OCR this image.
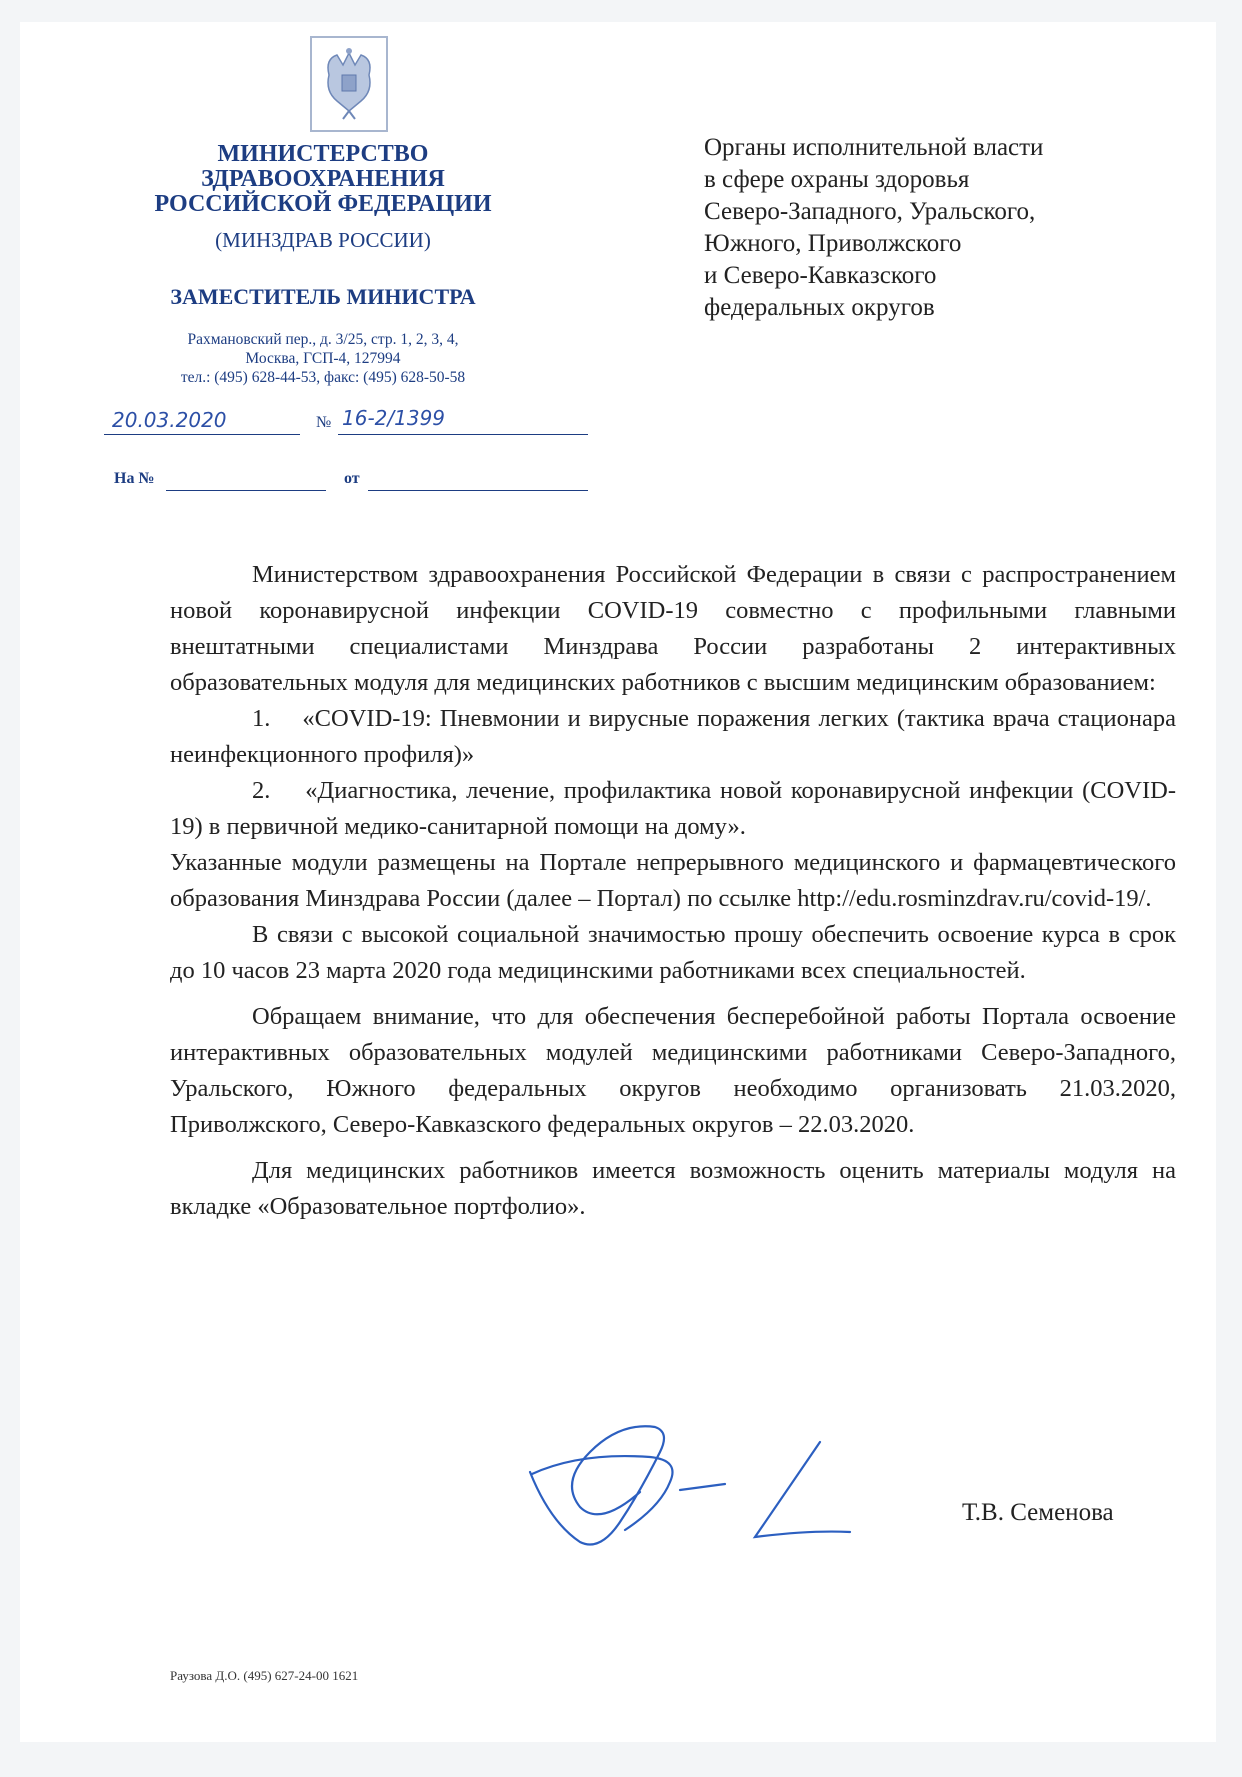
МИНИСТЕРСТВО
ЗДРАВООХРАНЕНИЯ
РОССИЙСКОЙ ФЕДЕРАЦИИ
(МИНЗДРАВ РОССИИ)
ЗАМЕСТИТЕЛЬ МИНИСТРА
Рахмановский пер., д. 3/25, стр. 1, 2, 3, 4,
Москва, ГСП-4, 127994
тел.: (495) 628-44-53, факс: (495) 628-50-58
20.03.2020	№ 16-2/1399
На №	от
Органы исполнительной власти
в сфере охраны здоровья
Северо-Западного, Уральского,
Южного, Приволжского
и Северо-Кавказского
федеральных округов

Министерством здравоохранения Российской Федерации в связи с распространением новой коронавирусной инфекции COVID-19 совместно с профильными главными внештатными специалистами Минздрава России разработаны 2 интерактивных образовательных модуля для медицинских работников с высшим медицинским образованием:

1.    «COVID-19: Пневмонии и вирусные поражения легких (тактика врача стационара неинфекционного профиля)»

2.    «Диагностика, лечение, профилактика новой коронавирусной инфекции (COVID-19) в первичной медико-санитарной помощи на дому».

Указанные модули размещены на Портале непрерывного медицинского и фармацевтического образования Минздрава России (далее – Портал) по ссылке http://edu.rosminzdrav.ru/covid-19/.

В связи с высокой социальной значимостью прошу обеспечить освоение курса в срок до 10 часов 23 марта 2020 года медицинскими работниками всех специальностей.

Обращаем внимание, что для обеспечения бесперебойной работы Портала освоение интерактивных образовательных модулей медицинскими работниками Северо-Западного, Уральского, Южного федеральных округов необходимо организовать 21.03.2020, Приволжского, Северо-Кавказского федеральных округов – 22.03.2020.

Для медицинских работников имеется возможность оценить материалы модуля на вкладке «Образовательное портфолио».

Т.В. Семенова
Раузова Д.О. (495) 627-24-00 1621
